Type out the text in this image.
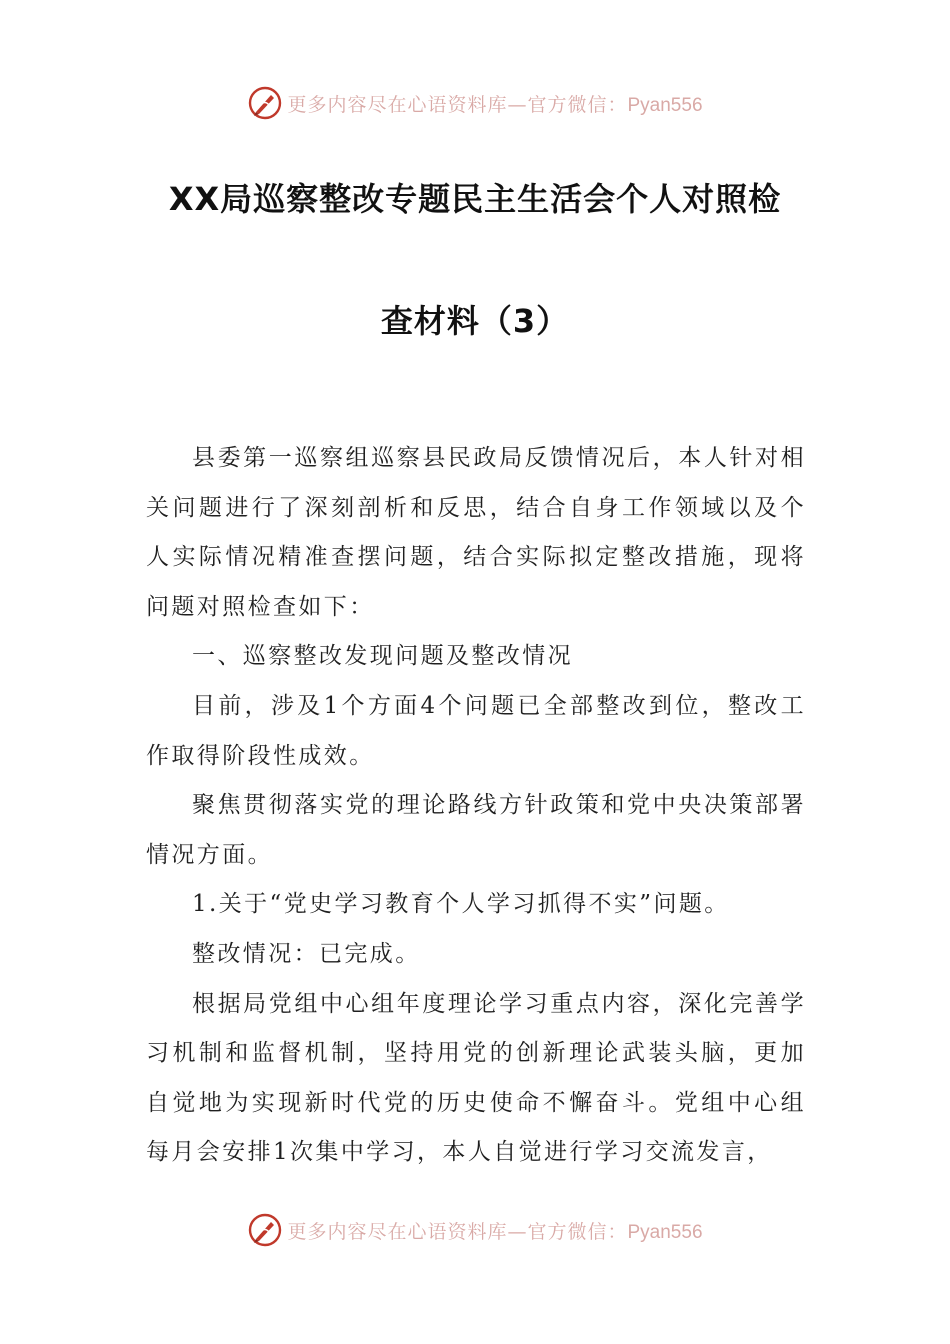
更多内容尽在心语资料库—官方微信：Pyan556
XX局巡察整改专题民主生活会个人对照检
查材料（3）

县委第一巡察组巡察县民政局反馈情况后，本人针对相关问题进行了深刻剖析和反思，结合自身工作领域以及个人实际情况精准查摆问题，结合实际拟定整改措施，现将问题对照检查如下：

一、巡察整改发现问题及整改情况

目前，涉及1个方面4个问题已全部整改到位，整改工作取得阶段性成效。

聚焦贯彻落实党的理论路线方针政策和党中央决策部署情况方面。

1.关于“党史学习教育个人学习抓得不实”问题。

整改情况：已完成。

根据局党组中心组年度理论学习重点内容，深化完善学习机制和监督机制，坚持用党的创新理论武装头脑，更加自觉地为实现新时代党的历史使命不懈奋斗。党组中心组每月会安排1次集中学习，本人自觉进行学习交流发言，

更多内容尽在心语资料库—官方微信：Pyan556
